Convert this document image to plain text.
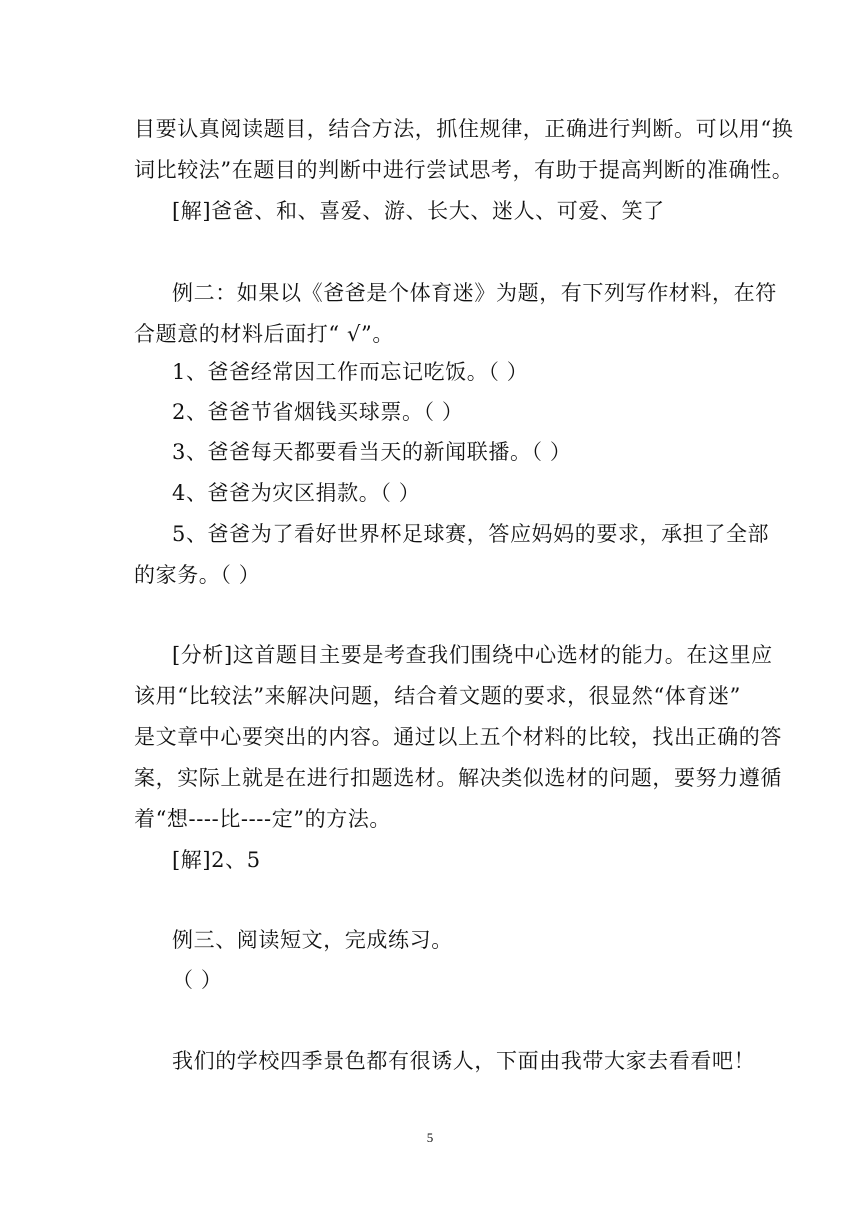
目要认真阅读题目，结合方法，抓住规律，正确进行判断。可以用“换
词比较法”在题目的判断中进行尝试思考，有助于提高判断的准确性。
[解]爸爸、和、喜爱、游、长大、迷人、可爱、笑了
例二：如果以《爸爸是个体育迷》为题，有下列写作材料，在符
合题意的材料后面打“ √”。
1、爸爸经常因工作而忘记吃饭。（ ）
2、爸爸节省烟钱买球票。（ ）
3、爸爸每天都要看当天的新闻联播。（ ）
4、爸爸为灾区捐款。（ ）
5、爸爸为了看好世界杯足球赛，答应妈妈的要求，承担了全部
的家务。（ ）
[分析]这首题目主要是考查我们围绕中心选材的能力。在这里应
该用“比较法”来解决问题，结合着文题的要求，很显然“体育迷”
是文章中心要突出的内容。通过以上五个材料的比较，找出正确的答
案，实际上就是在进行扣题选材。解决类似选材的问题，要努力遵循
着“想----比----定”的方法。
[解]2、5
例三、阅读短文，完成练习。
（ ）
我们的学校四季景色都有很诱人，下面由我带大家去看看吧！
5
